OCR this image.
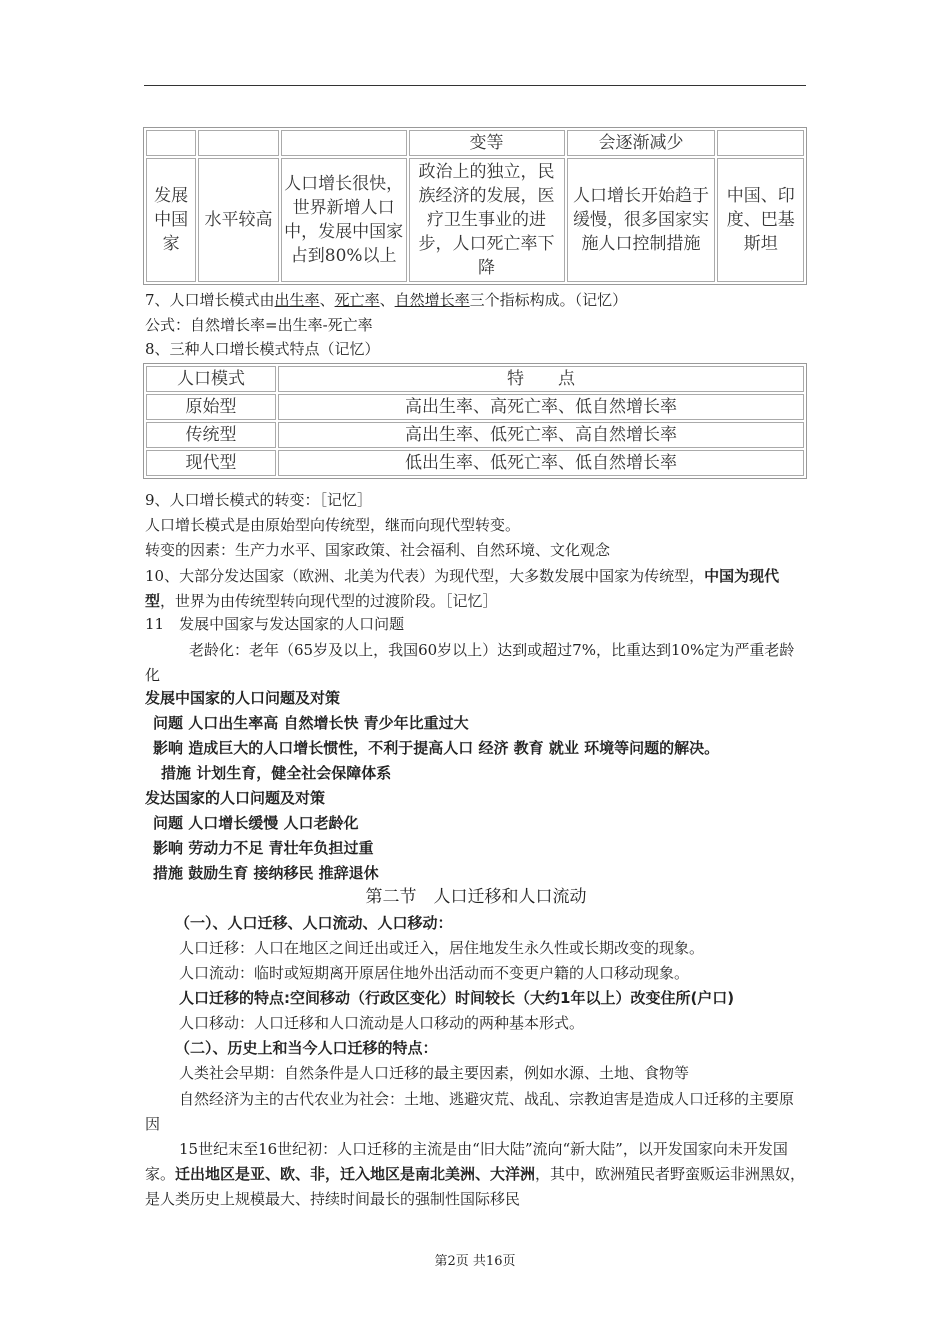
			变等	会逐渐减少	
发展中国家	水平较高	人口增长很快，世界新增人口中，发展中国家占到80%以上	政治上的独立，民族经济的发展，医疗卫生事业的进步，人口死亡率下降	人口增长开始趋于缓慢，很多国家实施人口控制措施	中国、印度、巴基斯坦
7、人口增长模式由出生率、死亡率、自然增长率三个指标构成。（记忆）
公式：自然增长率=出生率-死亡率
8、三种人口增长模式特点（记忆）
人口模式	特　　点
原始型	高出生率、高死亡率、低自然增长率
传统型	高出生率、低死亡率、高自然增长率
现代型	低出生率、低死亡率、低自然增长率
9、人口增长模式的转变：［记忆］
人口增长模式是由原始型向传统型，继而向现代型转变。
转变的因素：生产力水平、国家政策、社会福利、自然环境、文化观念
10、大部分发达国家（欧洲、北美为代表）为现代型，大多数发展中国家为传统型，中国为现代型，世界为由传统型转向现代型的过渡阶段。［记忆］
11　发展中国家与发达国家的人口问题
老龄化：老年（65岁及以上，我国60岁以上）达到或超过7%，比重达到10%定为严重老龄化
发展中国家的人口问题及对策
问题 人口出生率高 自然增长快 青少年比重过大
影响 造成巨大的人口增长惯性，不利于提高人口 经济 教育 就业 环境等问题的解决。
措施 计划生育，健全社会保障体系
发达国家的人口问题及对策
问题 人口增长缓慢 人口老龄化
影响 劳动力不足 青壮年负担过重
措施 鼓励生育 接纳移民 推辞退休
第二节　人口迁移和人口流动
（一）、人口迁移、人口流动、人口移动：
人口迁移：人口在地区之间迁出或迁入，居住地发生永久性或长期改变的现象。
人口流动：临时或短期离开原居住地外出活动而不变更户籍的人口移动现象。
人口迁移的特点:空间移动（行政区变化）时间较长（大约1年以上）改变住所(户口)
人口移动：人口迁移和人口流动是人口移动的两种基本形式。
（二）、历史上和当今人口迁移的特点：
人类社会早期：自然条件是人口迁移的最主要因素，例如水源、土地、食物等
自然经济为主的古代农业为社会：土地、逃避灾荒、战乱、宗教迫害是造成人口迁移的主要原因
15世纪末至16世纪初：人口迁移的主流是由“旧大陆”流向“新大陆”，以开发国家向未开发国家。迁出地区是亚、欧、非，迁入地区是南北美洲、大洋洲，其中，欧洲殖民者野蛮贩运非洲黑奴，是人类历史上规模最大、持续时间最长的强制性国际移民
第2页 共16页
